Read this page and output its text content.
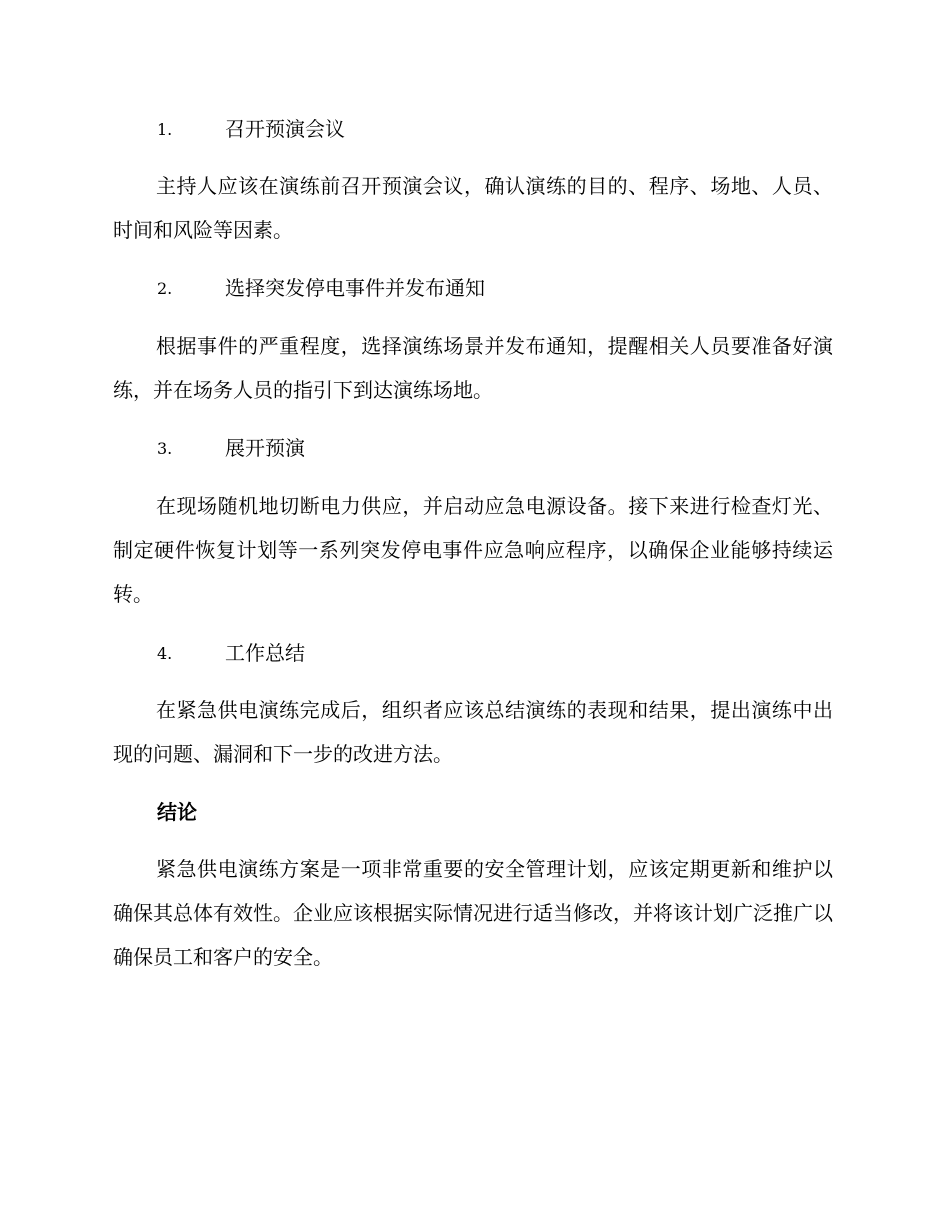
1.	召开预演会议

主持人应该在演练前召开预演会议，确认演练的目的、程序、场地、人员、时间和风险等因素。

2.	选择突发停电事件并发布通知

根据事件的严重程度，选择演练场景并发布通知，提醒相关人员要准备好演练，并在场务人员的指引下到达演练场地。

3.	展开预演

在现场随机地切断电力供应，并启动应急电源设备。接下来进行检查灯光、制定硬件恢复计划等一系列突发停电事件应急响应程序，以确保企业能够持续运转。

4.	工作总结

在紧急供电演练完成后，组织者应该总结演练的表现和结果，提出演练中出现的问题、漏洞和下一步的改进方法。

结论

紧急供电演练方案是一项非常重要的安全管理计划，应该定期更新和维护以确保其总体有效性。企业应该根据实际情况进行适当修改，并将该计划广泛推广以确保员工和客户的安全。
